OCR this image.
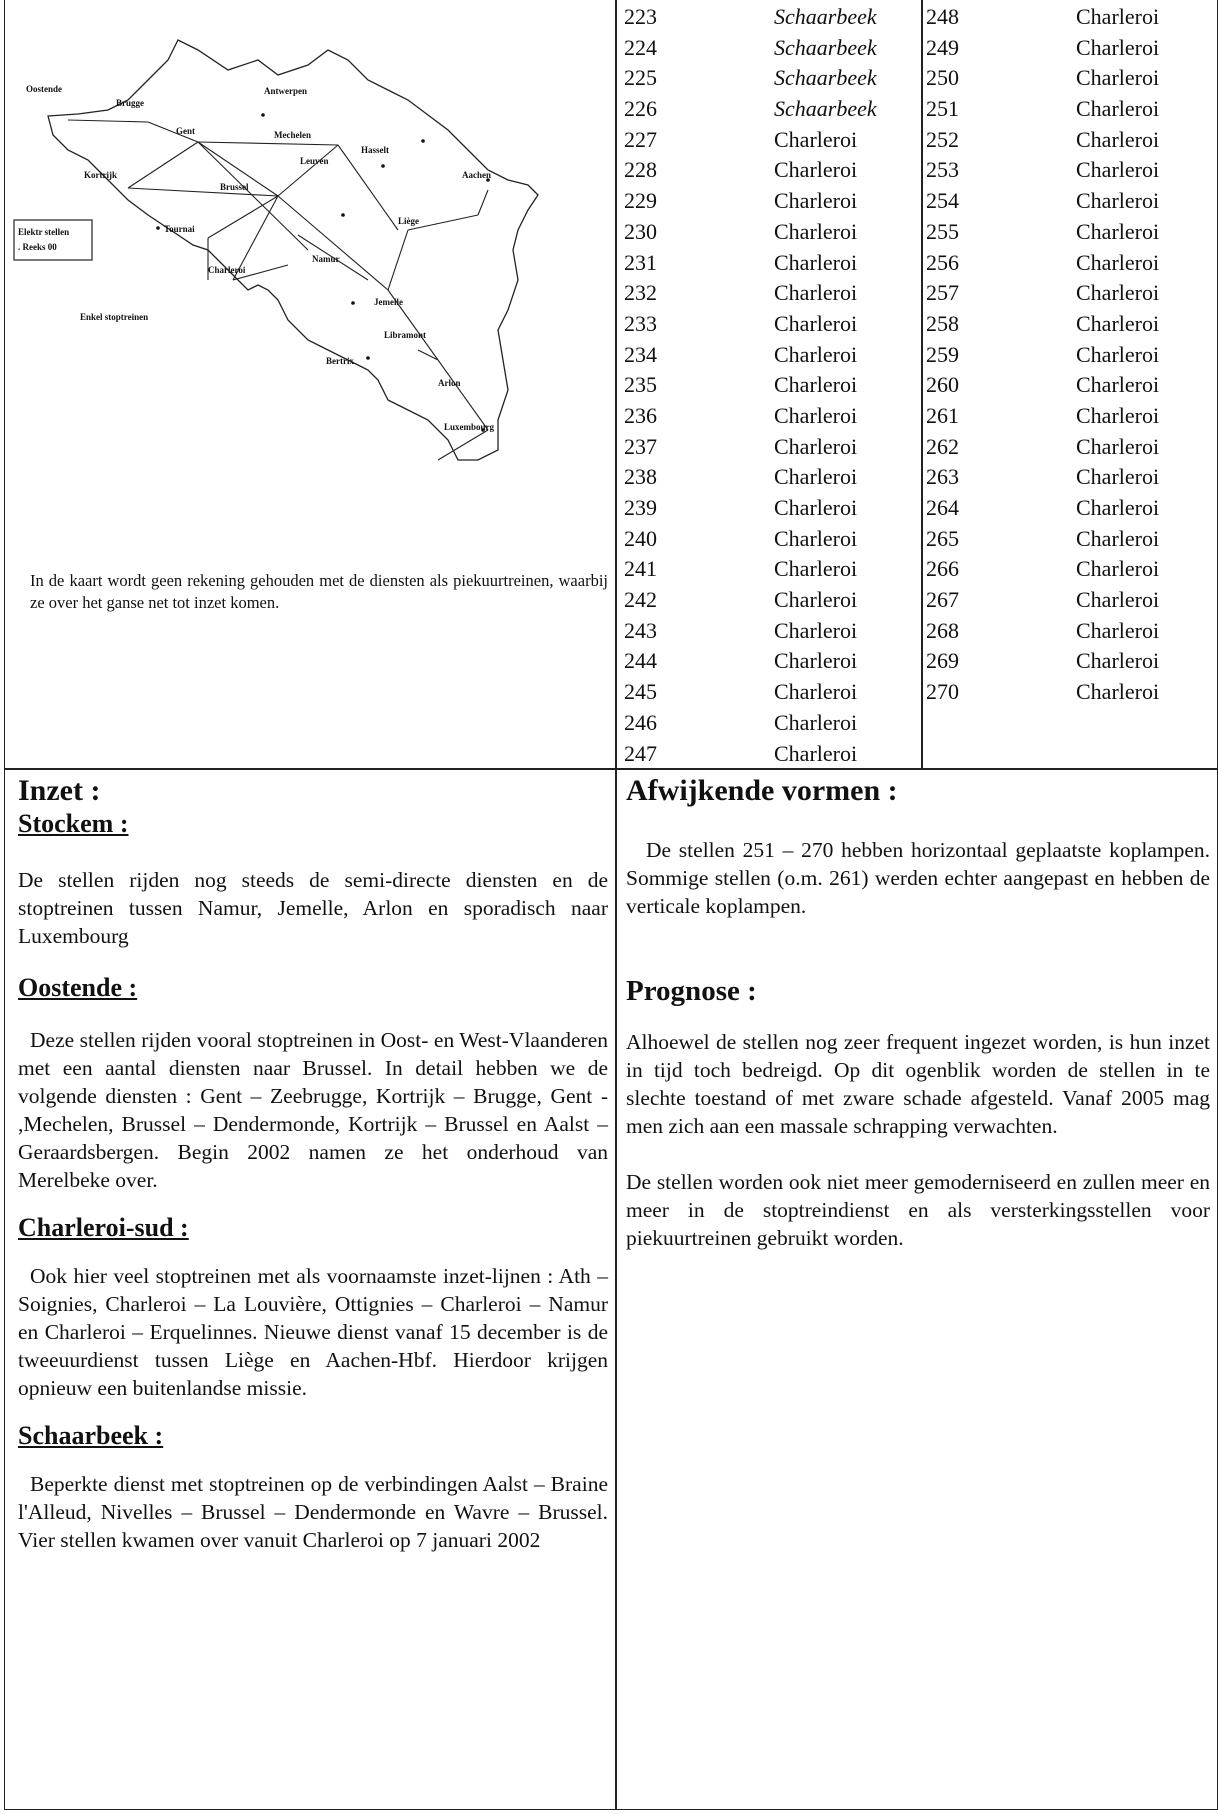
Elektr stellen
. Reeks 00
Oostende
Brugge
Antwerpen
Gent	Mechelen
Hasselt
Leuven
Kortrijk
Brussel
Aachen
Tournai
Liège
Charleroi
Namur
Jemelle
Enkel stoptreinen
Libramont
Bertrix
Arlon
Luxembourg
In de kaart wordt geen rekening gehouden met de diensten als piekuurtreinen, waarbij ze over het ganse net tot inzet komen.
223	Schaarbeek
224	Schaarbeek
225	Schaarbeek
226	Schaarbeek
227	Charleroi
228	Charleroi
229	Charleroi
230	Charleroi
231	Charleroi
232	Charleroi
233	Charleroi
234	Charleroi
235	Charleroi
236	Charleroi
237	Charleroi
238	Charleroi
239	Charleroi
240	Charleroi
241	Charleroi
242	Charleroi
243	Charleroi
244	Charleroi
245	Charleroi
246	Charleroi
247	Charleroi
248	Charleroi
249	Charleroi
250	Charleroi
251	Charleroi
252	Charleroi
253	Charleroi
254	Charleroi
255	Charleroi
256	Charleroi
257	Charleroi
258	Charleroi
259	Charleroi
260	Charleroi
261	Charleroi
262	Charleroi
263	Charleroi
264	Charleroi
265	Charleroi
266	Charleroi
267	Charleroi
268	Charleroi
269	Charleroi
270	Charleroi
Inzet :
Stockem :

De stellen rijden nog steeds de semi-directe diensten en de stoptreinen tussen Namur, Jemelle, Arlon en sporadisch naar Luxembourg

Oostende :

Deze stellen rijden vooral stoptreinen in Oost- en West-Vlaanderen met een aantal diensten naar Brussel. In detail hebben we de volgende diensten : Gent – Zeebrugge, Kortrijk – Brugge, Gent - ,Mechelen, Brussel – Dendermonde, Kortrijk – Brussel en Aalst – Geraardsbergen. Begin 2002 namen ze het onderhoud van Merelbeke over.

Charleroi-sud :

Ook hier veel stoptreinen met als voornaamste inzet-lijnen : Ath – Soignies, Charleroi – La Louvière, Ottignies – Charleroi – Namur en Charleroi – Erquelinnes. Nieuwe dienst vanaf 15 december is de tweeuurdienst tussen Liège en Aachen-Hbf. Hierdoor krijgen opnieuw een buitenlandse missie.

Schaarbeek :

Beperkte dienst met stoptreinen op de verbindingen Aalst – Braine l'Alleud, Nivelles – Brussel – Dendermonde en Wavre – Brussel. Vier stellen kwamen over vanuit Charleroi op 7 januari 2002

Afwijkende vormen :

De stellen 251 – 270 hebben horizontaal geplaatste koplampen. Sommige stellen (o.m. 261) werden echter aangepast en hebben de verticale koplampen.

Prognose :

Alhoewel de stellen nog zeer frequent ingezet worden, is hun inzet in tijd toch bedreigd. Op dit ogenblik worden de stellen in te slechte toestand of met zware schade afgesteld. Vanaf 2005 mag men zich aan een massale schrapping verwachten.

De stellen worden ook niet meer gemoderniseerd en zullen meer en meer in de stoptreindienst en als versterkingsstellen voor piekuurtreinen gebruikt worden.
